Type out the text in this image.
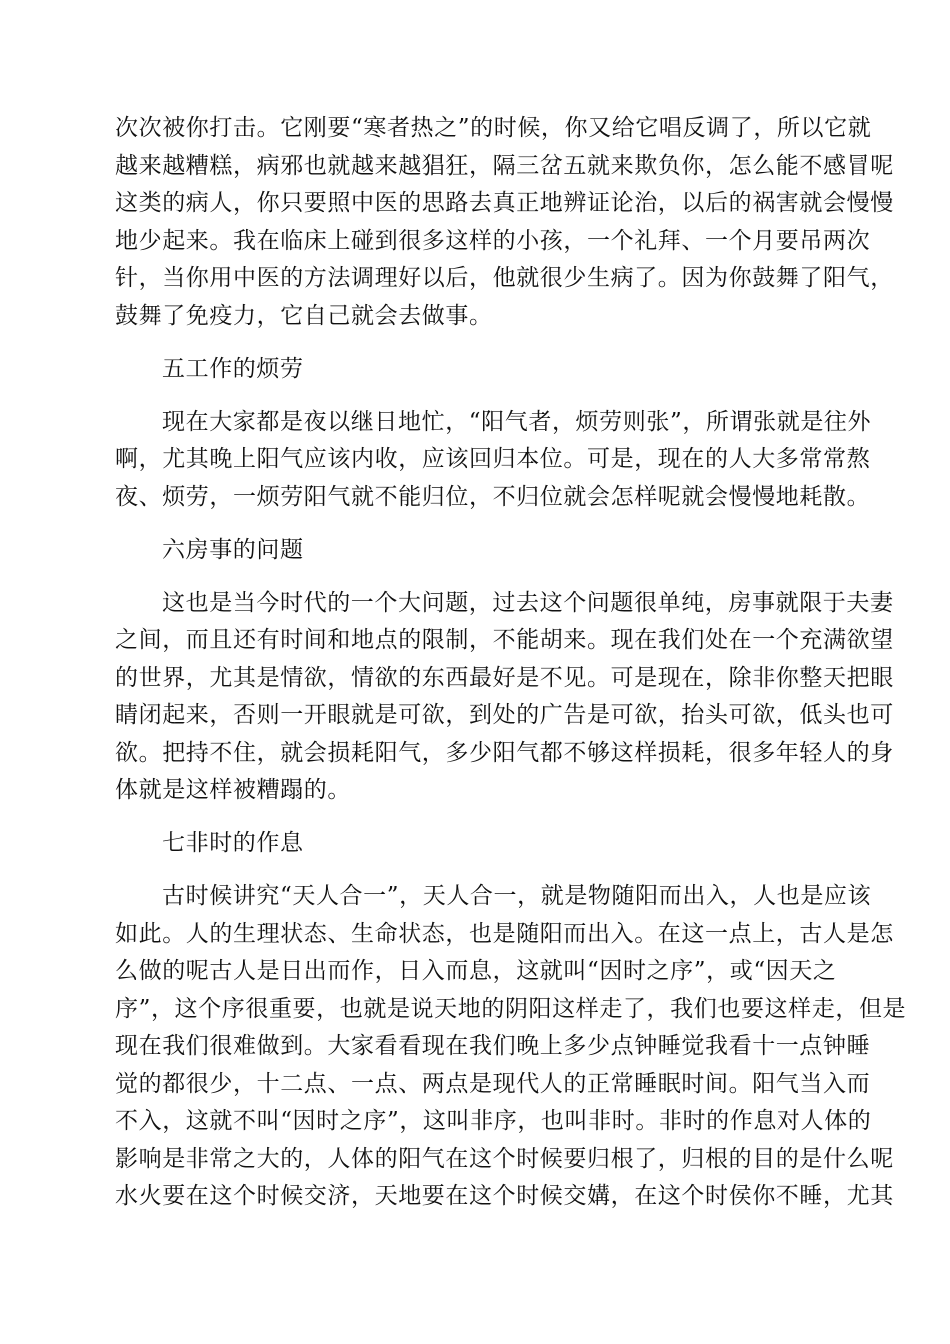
次次被你打击。它刚要“寒者热之”的时候，你又给它唱反调了，所以它就
越来越糟糕，病邪也就越来越猖狂，隔三岔五就来欺负你，怎么能不感冒呢
这类的病人，你只要照中医的思路去真正地辨证论治，以后的祸害就会慢慢
地少起来。我在临床上碰到很多这样的小孩，一个礼拜、一个月要吊两次
针，当你用中医的方法调理好以后，他就很少生病了。因为你鼓舞了阳气，
鼓舞了免疫力，它自己就会去做事。
五工作的烦劳
现在大家都是夜以继日地忙，“阳气者，烦劳则张”，所谓张就是往外
啊，尤其晚上阳气应该内收，应该回归本位。可是，现在的人大多常常熬
夜、烦劳，一烦劳阳气就不能归位，不归位就会怎样呢就会慢慢地耗散。
六房事的问题
这也是当今时代的一个大问题，过去这个问题很单纯，房事就限于夫妻
之间，而且还有时间和地点的限制，不能胡来。现在我们处在一个充满欲望
的世界，尤其是情欲，情欲的东西最好是不见。可是现在，除非你整天把眼
睛闭起来，否则一开眼就是可欲，到处的广告是可欲，抬头可欲，低头也可
欲。把持不住，就会损耗阳气，多少阳气都不够这样损耗，很多年轻人的身
体就是这样被糟蹋的。
七非时的作息
古时候讲究“天人合一”，天人合一，就是物随阳而出入，人也是应该
如此。人的生理状态、生命状态，也是随阳而出入。在这一点上，古人是怎
么做的呢古人是日出而作，日入而息，这就叫“因时之序”，或“因天之
序”，这个序很重要，也就是说天地的阴阳这样走了，我们也要这样走，但是
现在我们很难做到。大家看看现在我们晚上多少点钟睡觉我看十一点钟睡
觉的都很少，十二点、一点、两点是现代人的正常睡眠时间。阳气当入而
不入，这就不叫“因时之序”，这叫非序，也叫非时。非时的作息对人体的
影响是非常之大的，人体的阳气在这个时候要归根了，归根的目的是什么呢
水火要在这个时候交济，天地要在这个时候交媾，在这个时侯你不睡，尤其
